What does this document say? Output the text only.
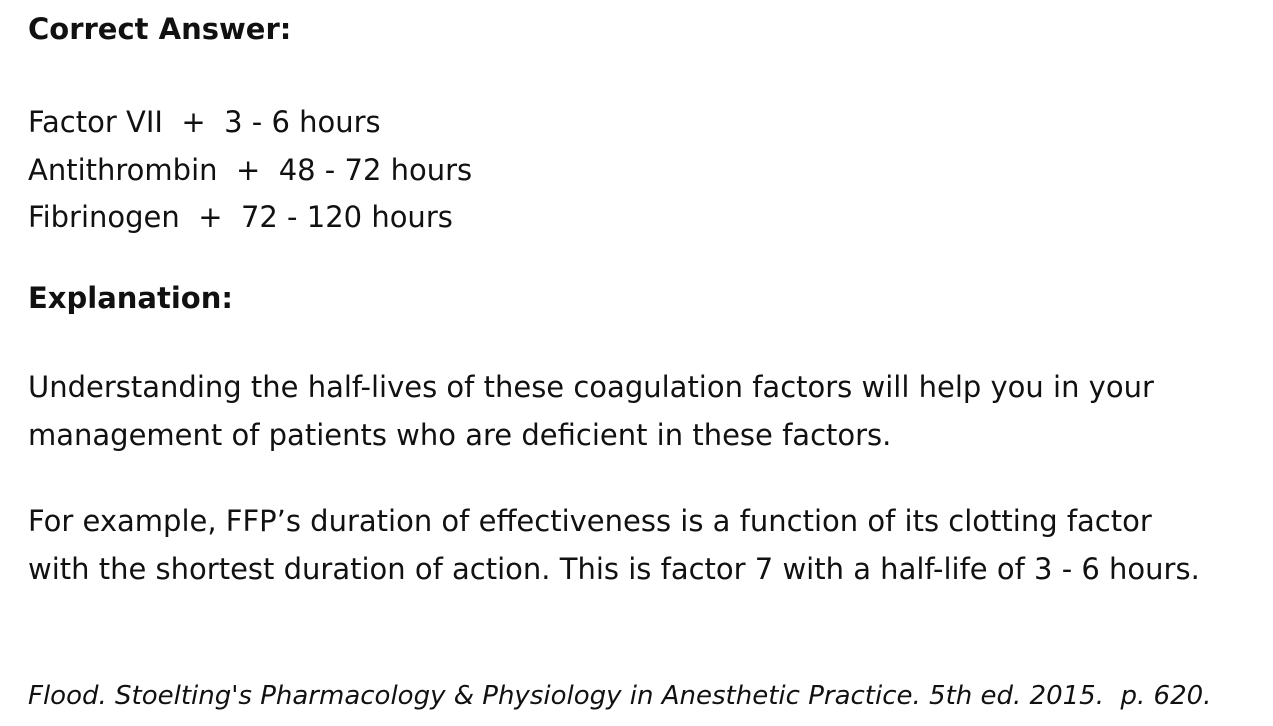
Correct Answer:
Factor VII  +  3 - 6 hours
Antithrombin  +  48 - 72 hours
Fibrinogen  +  72 - 120 hours
Explanation:

Understanding the half-lives of these coagulation factors will help you in your management of patients who are deficient in these factors.

For example, FFP’s duration of effectiveness is a function of its clotting factor with the shortest duration of action. This is factor 7 with a half-life of 3 - 6 hours.

Flood. Stoelting's Pharmacology & Physiology in Anesthetic Practice. 5th ed. 2015.  p. 620.
